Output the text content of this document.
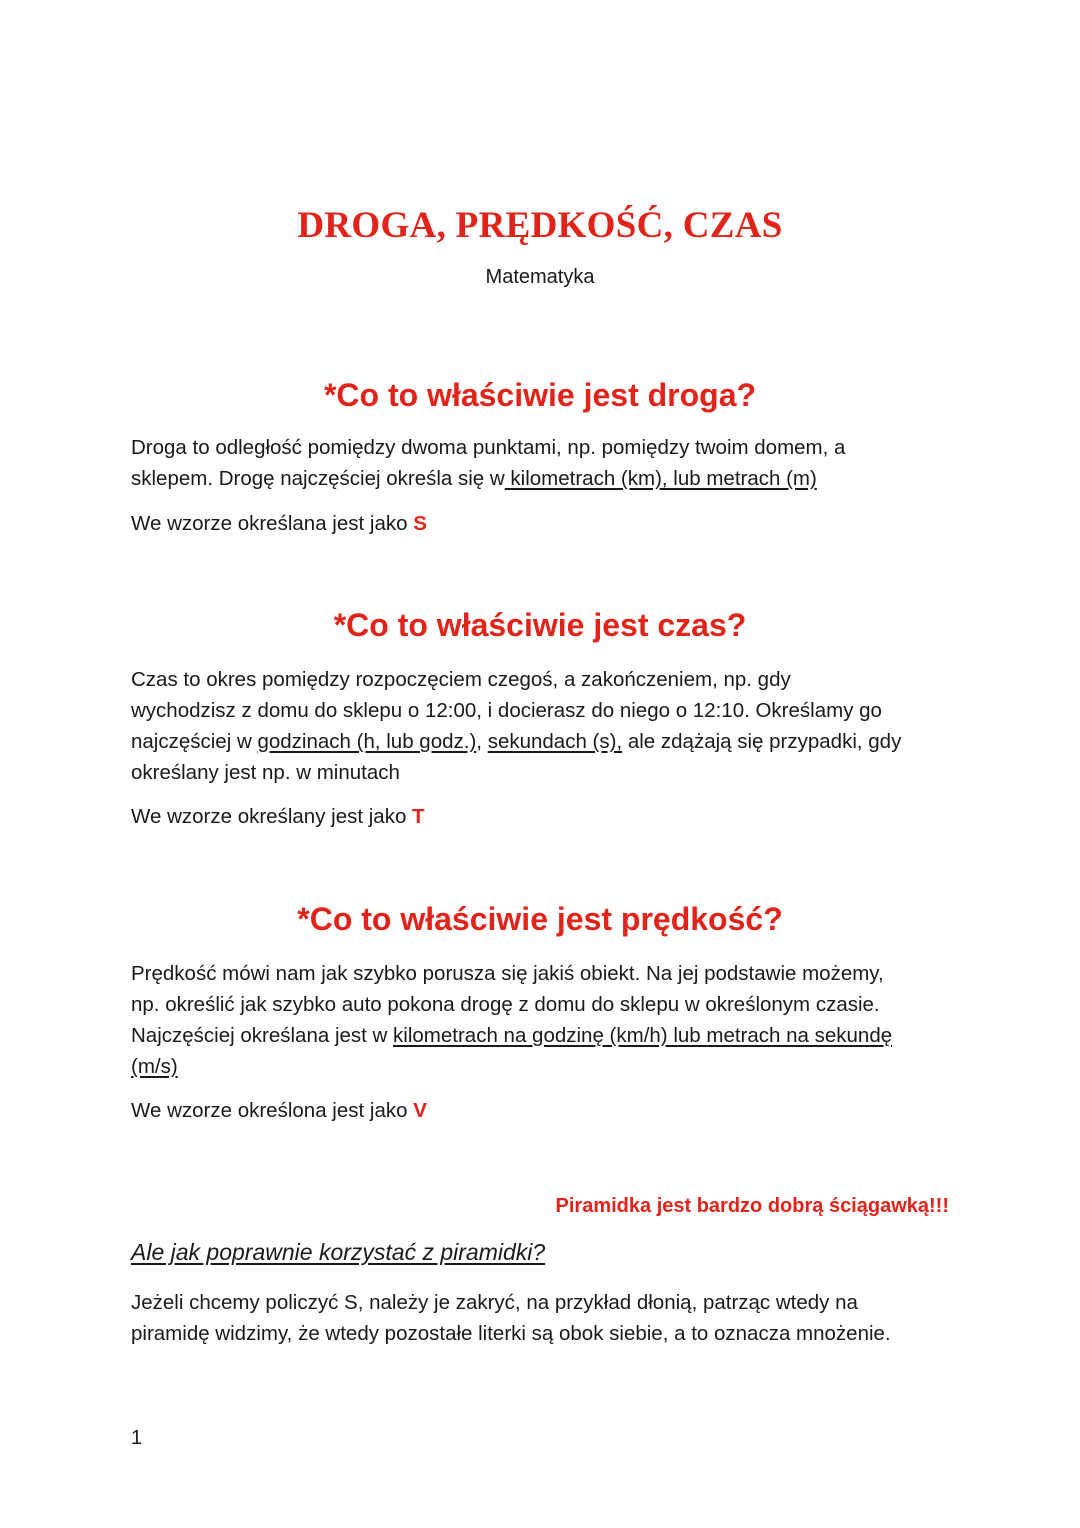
DROGA, PRĘDKOŚĆ, CZAS
Matematyka
*Co to właściwie jest droga?

Droga to odległość pomiędzy dwoma punktami, np. pomiędzy twoim domem, a

sklepem. Drogę najczęściej określa się w kilometrach (km), lub metrach (m)

We wzorze określana jest jako S
*Co to właściwie jest czas?

Czas to okres pomiędzy rozpoczęciem czegoś, a zakończeniem, np. gdy

wychodzisz z domu do sklepu o 12:00, i docierasz do niego o 12:10. Określamy go

najczęściej w godzinach (h, lub godz.), sekundach (s), ale zdążają się przypadki, gdy

określany jest np. w minutach

We wzorze określany jest jako T
*Co to właściwie jest prędkość?

Prędkość mówi nam jak szybko porusza się jakiś obiekt. Na jej podstawie możemy,

np. określić jak szybko auto pokona drogę z domu do sklepu w określonym czasie.

Najczęściej określana jest w kilometrach na godzinę (km/h) lub metrach na sekundę

(m/s)

We wzorze określona jest jako V
Piramidka jest bardzo dobrą ściągawką!!!
Ale jak poprawnie korzystać z piramidki?

Jeżeli chcemy policzyć S, należy je zakryć, na przykład dłonią, patrząc wtedy na

piramidę widzimy, że wtedy pozostałe literki są obok siebie, a to oznacza mnożenie.

1
